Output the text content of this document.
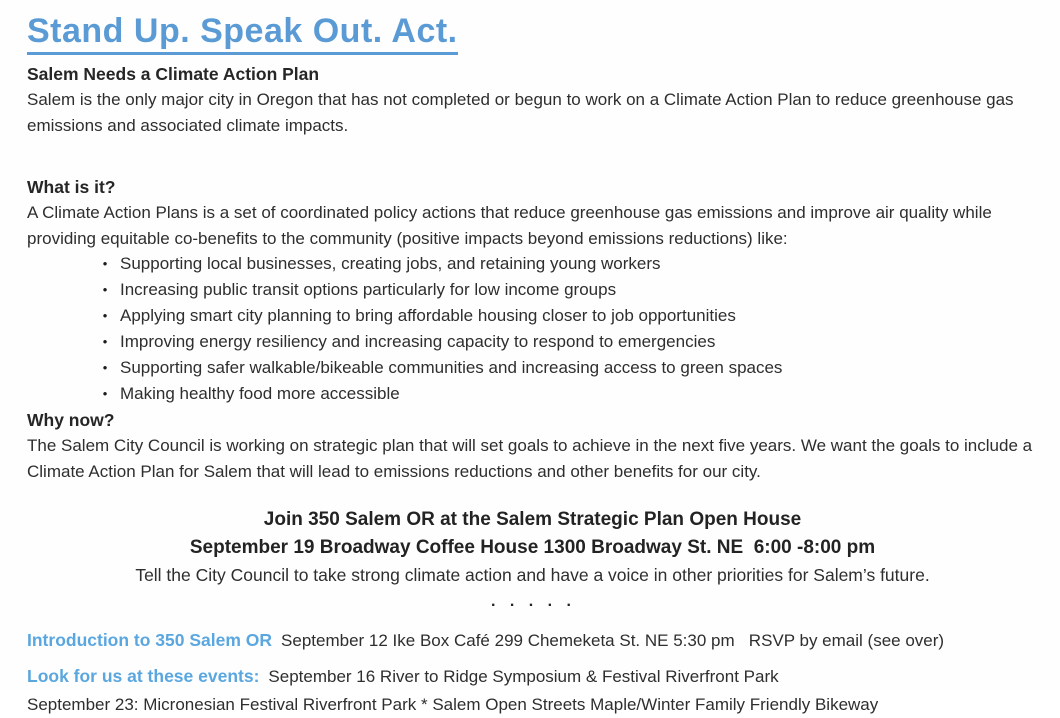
Stand Up. Speak Out. Act.
Salem Needs a Climate Action Plan
Salem is the only major city in Oregon that has not completed or begun to work on a Climate Action Plan to reduce greenhouse gas emissions and associated climate impacts.
What is it?
A Climate Action Plans is a set of coordinated policy actions that reduce greenhouse gas emissions and improve air quality while providing equitable co-benefits to the community (positive impacts beyond emissions reductions) like:
• Supporting local businesses, creating jobs, and retaining young workers
• Increasing public transit options particularly for low income groups
• Applying smart city planning to bring affordable housing closer to job opportunities
• Improving energy resiliency and increasing capacity to respond to emergencies
• Supporting safer walkable/bikeable communities and increasing access to green spaces
• Making healthy food more accessible
Why now?
The Salem City Council is working on strategic plan that will set goals to achieve in the next five years. We want the goals to include a Climate Action Plan for Salem that will lead to emissions reductions and other benefits for our city.
Join 350 Salem OR at the Salem Strategic Plan Open House
September 19 Broadway Coffee House 1300 Broadway St. NE  6:00 -8:00 pm
Tell the City Council to take strong climate action and have a voice in other priorities for Salem’s future.
. . . . .
Introduction to 350 Salem OR September 12 Ike Box Café 299 Chemeketa St. NE 5:30 pm   RSVP by email (see over)
Look for us at these events: September 16 River to Ridge Symposium & Festival Riverfront Park
September 23: Micronesian Festival Riverfront Park * Salem Open Streets Maple/Winter Family Friendly Bikeway
